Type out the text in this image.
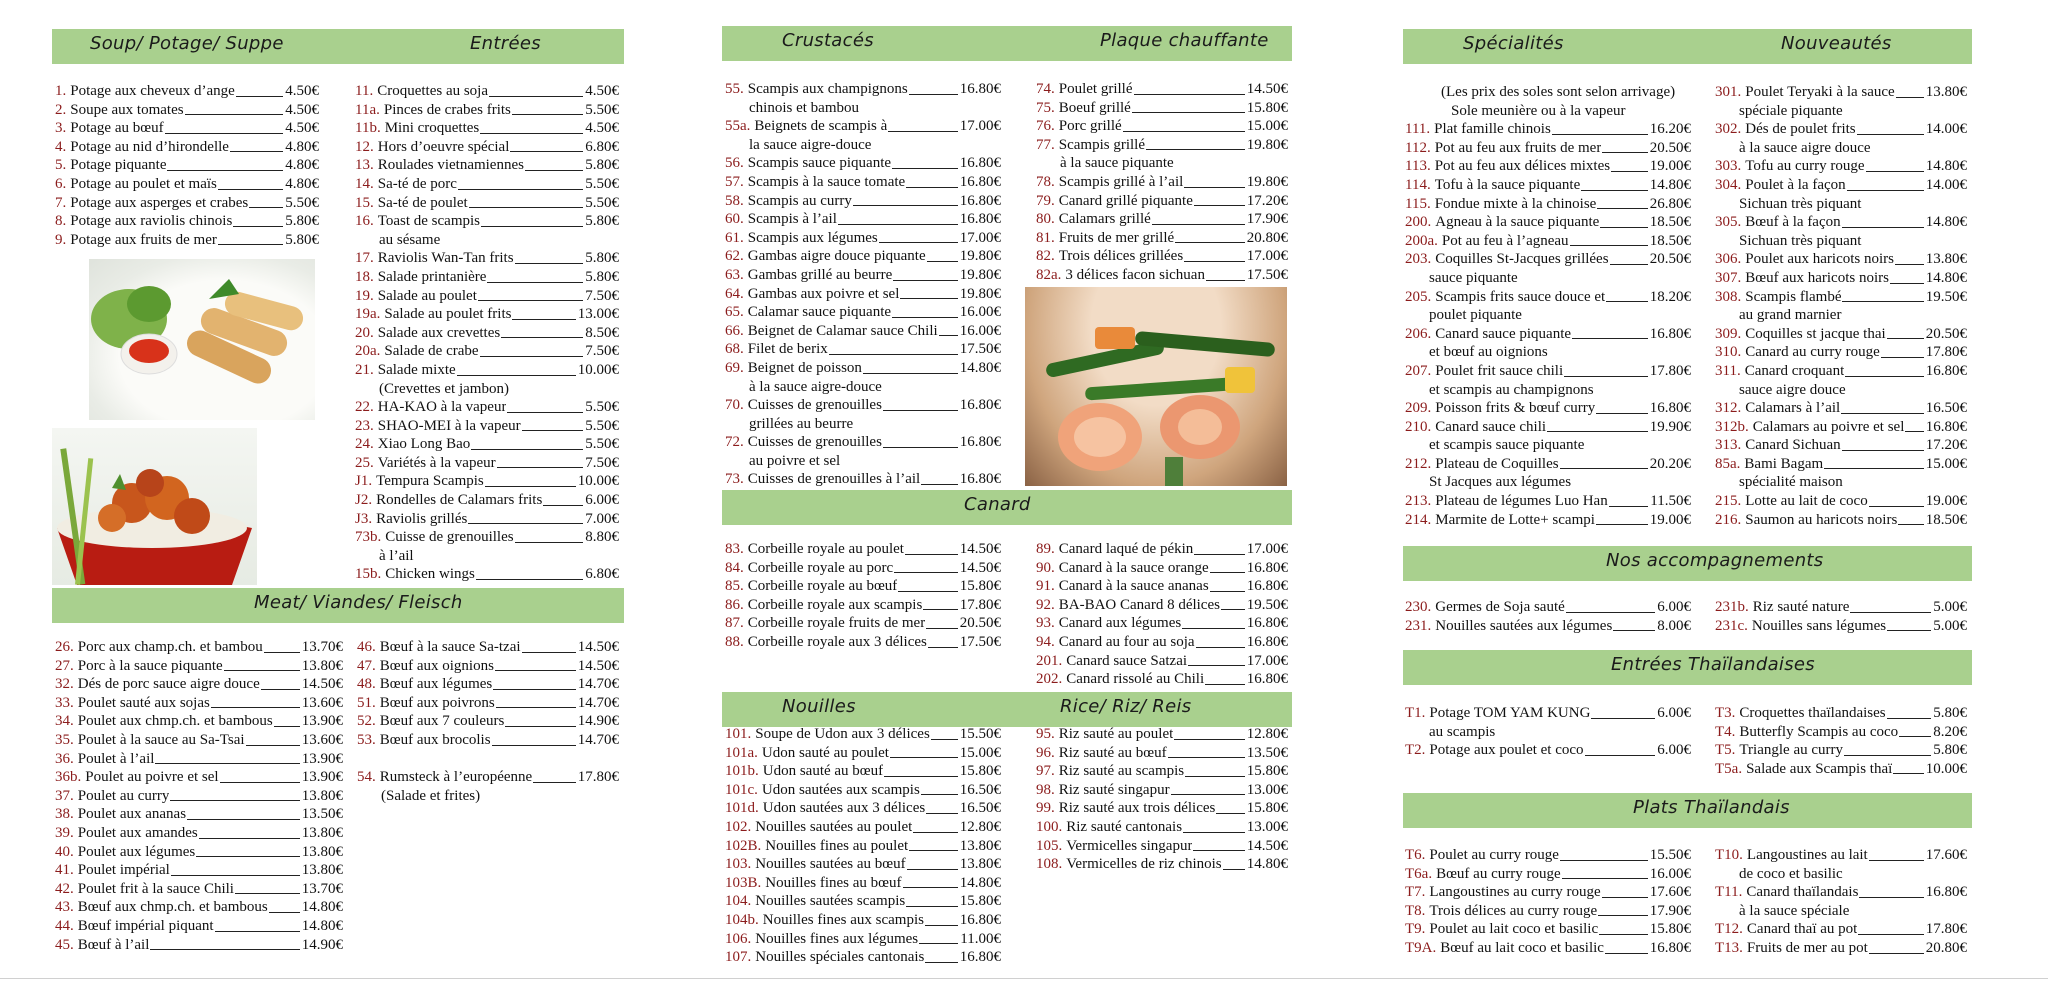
Soup/ Potage/ Suppe	Entrées
Meat/ Viandes/ Fleisch
Crustacés	Plaque chauffante
Canard
Nouilles	Rice/ Riz/ Reis
Spécialités	Nouveautés
Nos accompagnements
Entrées Thaïlandaises
Plats Thaïlandais
1. Potage aux cheveux d’ange	4.50€
2. Soupe aux tomates	4.50€
3. Potage au bœuf	4.50€
4. Potage au nid d’hirondelle	4.80€
5. Potage piquante	4.80€
6. Potage au poulet et maïs	4.80€
7. Potage aux asperges et crabes 5.50€
8. Potage aux raviolis chinois	5.80€
9. Potage aux fruits de mer	5.80€
11. Croquettes au soja	4.50€
11a. Pinces de crabes frits	5.50€
11b. Mini croquettes	4.50€
12. Hors d’oeuvre spécial	6.80€
13. Roulades vietnamiennes	5.80€
14. Sa-té de porc	5.50€
15. Sa-té de poulet	5.50€
16. Toast de scampis	5.80€
au sésame
17. Raviolis Wan-Tan frits	5.80€
18. Salade printanière	5.80€
19. Salade au poulet	7.50€
19a. Salade au poulet frits	13.00€
20. Salade aux crevettes	8.50€
20a. Salade de crabe	7.50€
21. Salade mixte	10.00€
(Crevettes et jambon)
22. HA-KAO à la vapeur	5.50€
23. SHAO-MEI à la vapeur	5.50€
24. Xiao Long Bao	5.50€
25. Variétés à la vapeur	7.50€
J1. Tempura Scampis	10.00€
J2. Rondelles de Calamars frits	6.00€
J3. Raviolis grillés	7.00€
73b. Cuisse de grenouilles	8.80€
à l’ail
15b. Chicken wings	6.80€
26. Porc aux champ.ch. et bambou	13.70€
27. Porc à la sauce piquante	13.80€
32. Dés de porc sauce aigre douce	14.50€
33. Poulet sauté aux sojas	13.60€
34. Poulet aux chmp.ch. et bambous 13.90€
35. Poulet à la sauce au Sa-Tsai	13.60€
36. Poulet à l’ail	13.90€
36b. Poulet au poivre et sel	13.90€
37. Poulet au curry	13.80€
38. Poulet aux ananas	13.50€
39. Poulet aux amandes	13.80€
40. Poulet aux légumes	13.80€
41. Poulet impérial	13.80€
42. Poulet frit à la sauce Chili	13.70€
43. Bœuf aux chmp.ch. et bambous 14.80€
44. Bœuf impérial piquant	14.80€
45. Bœuf à l’ail	14.90€
46. Bœuf à la sauce Sa-tzai	14.50€
47. Bœuf aux oignions	14.50€
48. Bœuf aux légumes	14.70€
51. Bœuf aux poivrons	14.70€
52. Bœuf aux 7 couleurs	14.90€
53. Bœuf aux brocolis	14.70€
54. Rumsteck à l’européenne	17.80€
(Salade et frites)
55. Scampis aux champignons	16.80€
chinois et bambou
55a. Beignets de scampis à	17.00€
la sauce aigre-douce
56. Scampis sauce piquante	16.80€
57. Scampis à la sauce tomate	16.80€
58. Scampis au curry	16.80€
60. Scampis à l’ail	16.80€
61. Scampis aux légumes	17.00€
62. Gambas aigre douce piquante 19.80€
63. Gambas grillé au beurre	19.80€
64. Gambas aux poivre et sel	19.80€
65. Calamar sauce piquante	16.00€
66. Beignet de Calamar sauce Chili 16.00€
68. Filet de berix	17.50€
69. Beignet de poisson	14.80€
à la sauce aigre-douce
70. Cuisses de grenouilles	16.80€
grillées au beurre
72. Cuisses de grenouilles	16.80€
au poivre et sel
73. Cuisses de grenouilles à l’ail	16.80€
74. Poulet grillé	14.50€
75. Boeuf grillé	15.80€
76. Porc grillé	15.00€
77. Scampis grillé	19.80€
à la sauce piquante
78. Scampis grillé à l’ail	19.80€
79. Canard grillé piquante	17.20€
80. Calamars grillé	17.90€
81. Fruits de mer grillé	20.80€
82. Trois délices grillées	17.00€
82a. 3 délices facon sichuan	17.50€
83. Corbeille royale au poulet	14.50€
84. Corbeille royale au porc	14.50€
85. Corbeille royale au bœuf	15.80€
86. Corbeille royale aux scampis 17.80€
87. Corbeille royale fruits de mer 20.50€
88. Corbeille royale aux 3 délices 17.50€
89. Canard laqué de pékin	17.00€
90. Canard à la sauce orange	16.80€
91. Canard à la sauce ananas	16.80€
92. BA-BAO Canard 8 délices 19.50€
93. Canard aux légumes	16.80€
94. Canard au four au soja	16.80€
201. Canard sauce Satzai	17.00€
202. Canard rissolé au Chili	16.80€
101. Soupe de Udon aux 3 délices 15.50€
101a. Udon sauté au poulet	15.00€
101b. Udon sauté au bœuf	15.80€
101c. Udon sautées aux scampis	16.50€
101d. Udon sautées aux 3 délices 16.50€
102. Nouilles sautées au poulet	12.80€
102B. Nouilles fines au poulet	13.80€
103. Nouilles sautées au bœuf	13.80€
103B. Nouilles fines au bœuf	14.80€
104. Nouilles sautées scampis	15.80€
104b. Nouilles fines aux scampis 16.80€
106. Nouilles fines aux légumes	11.00€
107. Nouilles spéciales cantonais 16.80€
95. Riz sauté au poulet	12.80€
96. Riz sauté au bœuf	13.50€
97. Riz sauté au scampis	15.80€
98. Riz sauté singapur	13.00€
99. Riz sauté aux trois délices 15.80€
100. Riz sauté cantonais	13.00€
105. Vermicelles singapur	14.50€
108. Vermicelles de riz chinois 14.80€
(Les prix des soles sont selon arrivage)
Sole meunière ou à la vapeur
111. Plat famille chinois	16.20€
112. Pot au feu aux fruits de mer	20.50€
113. Pot au feu aux délices mixtes	19.00€
114. Tofu à la sauce piquante	14.80€
115. Fondue mixte à la chinoise	26.80€
200. Agneau à la sauce piquante	18.50€
200a. Pot au feu à l’agneau	18.50€
203. Coquilles St-Jacques grillées	20.50€
sauce piquante
205. Scampis frits sauce douce et	18.20€
poulet piquante
206. Canard sauce piquante	16.80€
et bœuf au oignions
207. Poulet frit sauce chili	17.80€
et scampis au champignons
209. Poisson frits & bœuf curry	16.80€
210. Canard sauce chili	19.90€
et scampis sauce piquante
212. Plateau de Coquilles	20.20€
St Jacques aux légumes
213. Plateau de légumes Luo Han	11.50€
214. Marmite de Lotte+ scampi	19.00€
301. Poulet Teryaki à la sauce 13.80€
spéciale piquante
302. Dés de poulet frits	14.00€
à la sauce aigre douce
303. Tofu au curry rouge	14.80€
304. Poulet à la façon	14.00€
Sichuan très piquant
305. Bœuf à la façon	14.80€
Sichuan très piquant
306. Poulet aux haricots noirs 13.80€
307. Bœuf aux haricots noirs 14.80€
308. Scampis flambé	19.50€
au grand marnier
309. Coquilles st jacque thai	20.50€
310. Canard au curry rouge	17.80€
311. Canard croquant	16.80€
sauce aigre douce
312. Calamars à l’ail	16.50€
312b. Calamars au poivre et sel 16.80€
313. Canard Sichuan	17.20€
85a. Bami Bagam	15.00€
spécialité maison
215. Lotte au lait de coco	19.00€
216. Saumon au haricots noirs 18.50€
230. Germes de Soja sauté	6.00€
231. Nouilles sautées aux légumes	8.00€
231b. Riz sauté nature	5.00€
231c. Nouilles sans légumes	5.00€
T1. Potage TOM YAM KUNG	6.00€
au scampis
T2. Potage aux poulet et coco	6.00€
T3. Croquettes thaïlandaises	5.80€
T4. Butterfly Scampis au coco 8.20€
T5. Triangle au curry	5.80€
T5a. Salade aux Scampis thaï 10.00€
T6. Poulet au curry rouge	15.50€
T6a. Bœuf au curry rouge	16.00€
T7. Langoustines au curry rouge	17.60€
T8. Trois délices au curry rouge	17.90€
T9. Poulet au lait coco et basilic	15.80€
T9A. Bœuf au lait coco et basilic	16.80€
T10. Langoustines au lait	17.60€
de coco et basilic
T11. Canard thaïlandais	16.80€
à la sauce spéciale
T12. Canard thaï au pot	17.80€
T13. Fruits de mer au pot	20.80€
